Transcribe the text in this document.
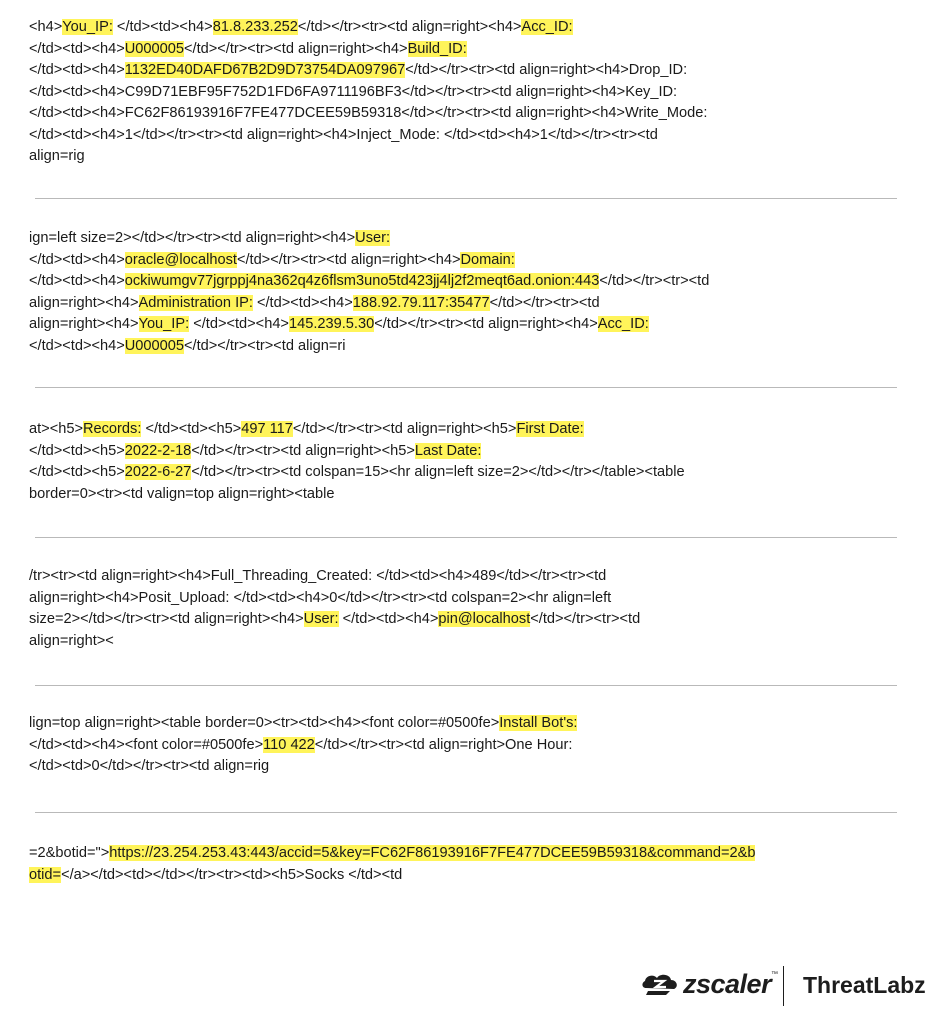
<h4>You_IP: </td><td><h4>81.8.233.252</td></tr><tr><td align=right><h4>Acc_ID:
</td><td><h4>U000005</td></tr><tr><td align=right><h4>Build_ID:
</td><td><h4>1132ED40DAFD67B2D9D73754DA097967</td></tr><tr><td align=right><h4>Drop_ID:
</td><td><h4>C99D71EBF95F752D1FD6FA9711196BF3</td></tr><tr><td align=right><h4>Key_ID:
</td><td><h4>FC62F86193916F7FE477DCEE59B59318</td></tr><tr><td align=right><h4>Write_Mode:
</td><td><h4>1</td></tr><tr><td align=right><h4>Inject_Mode: </td><td><h4>1</td></tr><tr><td
align=rig
ign=left size=2></td></tr><tr><td align=right><h4>User:
</td><td><h4>oracle@localhost</td></tr><tr><td align=right><h4>Domain:
</td><td><h4>ockiwumgv77jgrppj4na362q4z6flsm3uno5td423jj4lj2f2meqt6ad.onion:443</td></tr><tr><td
align=right><h4>Administration IP: </td><td><h4>188.92.79.117:35477</td></tr><tr><td
align=right><h4>You_IP: </td><td><h4>145.239.5.30</td></tr><tr><td align=right><h4>Acc_ID:
</td><td><h4>U000005</td></tr><tr><td align=ri
at><h5>Records: </td><td><h5>497 117</td></tr><tr><td align=right><h5>First Date:
</td><td><h5>2022-2-18</td></tr><tr><td align=right><h5>Last Date:
</td><td><h5>2022-6-27</td></tr><tr><td colspan=15><hr align=left size=2></td></tr></table><table
border=0><tr><td valign=top align=right><table
/tr><tr><td align=right><h4>Full_Threading_Created: </td><td><h4>489</td></tr><tr><td
align=right><h4>Posit_Upload: </td><td><h4>0</td></tr><tr><td colspan=2><hr align=left
size=2></td></tr><tr><td align=right><h4>User: </td><td><h4>pin@localhost</td></tr><tr><td
align=right><
lign=top align=right><table border=0><tr><td><h4><font color=#0500fe>Install Bot's:
</td><td><h4><font color=#0500fe>110 422</td></tr><tr><td align=right>One Hour:
</td><td>0</td></tr><tr><td align=rig
=2&botid=">https://23.254.253.43:443/accid=5&key=FC62F86193916F7FE477DCEE59B59318&command=2&b
otid=</a></td><td></td></tr><tr><td><h5>Socks </td><td
zscaler ™ ThreatLabz
